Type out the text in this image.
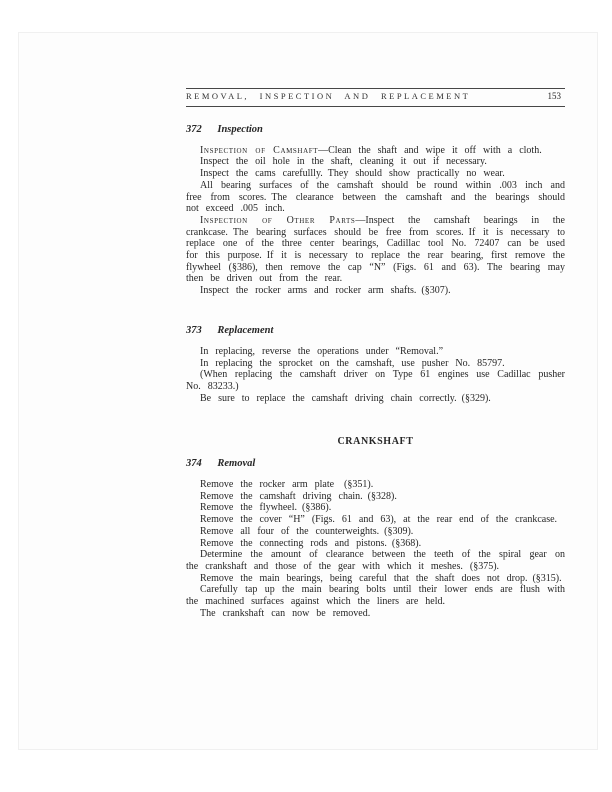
REMOVAL, INSPECTION AND REPLACEMENT	153
372 Inspection

Inspection of Camshaft—Clean the shaft and wipe it off with a cloth.

Inspect the oil hole in the shaft, cleaning it out if necessary.

Inspect the cams carefullly. They should show practically no wear.

All bearing surfaces of the camshaft should be round within .003 inch and free from scores. The clearance between the camshaft and the bearings should not exceed .005 inch.

Inspection of Other Parts—Inspect the camshaft bearings in the crankcase. The bearing surfaces should be free from scores. If it is necessary to replace one of the three center bearings, Cadillac tool No. 72407 can be used for this purpose. If it is necessary to replace the rear bearing, first remove the flywheel (§386), then remove the cap “N” (Figs. 61 and 63). The bearing may then be driven out from the rear.

Inspect the rocker arms and rocker arm shafts. (§307).

373 Replacement

In replacing, reverse the operations under “Removal.”

In replacing the sprocket on the camshaft, use pusher No. 85797.

(When replacing the camshaft driver on Type 61 engines use Cadillac pusher No. 83233.)

Be sure to replace the camshaft driving chain correctly. (§329).

CRANKSHAFT
374 Removal

Remove the rocker arm plate (§351).

Remove the camshaft driving chain. (§328).

Remove the flywheel. (§386).

Remove the cover “H” (Figs. 61 and 63), at the rear end of the crankcase.

Remove all four of the counterweights. (§309).

Remove the connecting rods and pistons. (§368).

Determine the amount of clearance between the teeth of the spiral gear on the crankshaft and those of the gear with which it meshes. (§375).

Remove the main bearings, being careful that the shaft does not drop. (§315).

Carefully tap up the main bearing bolts until their lower ends are flush with the machined surfaces against which the liners are held.

The crankshaft can now be removed.
